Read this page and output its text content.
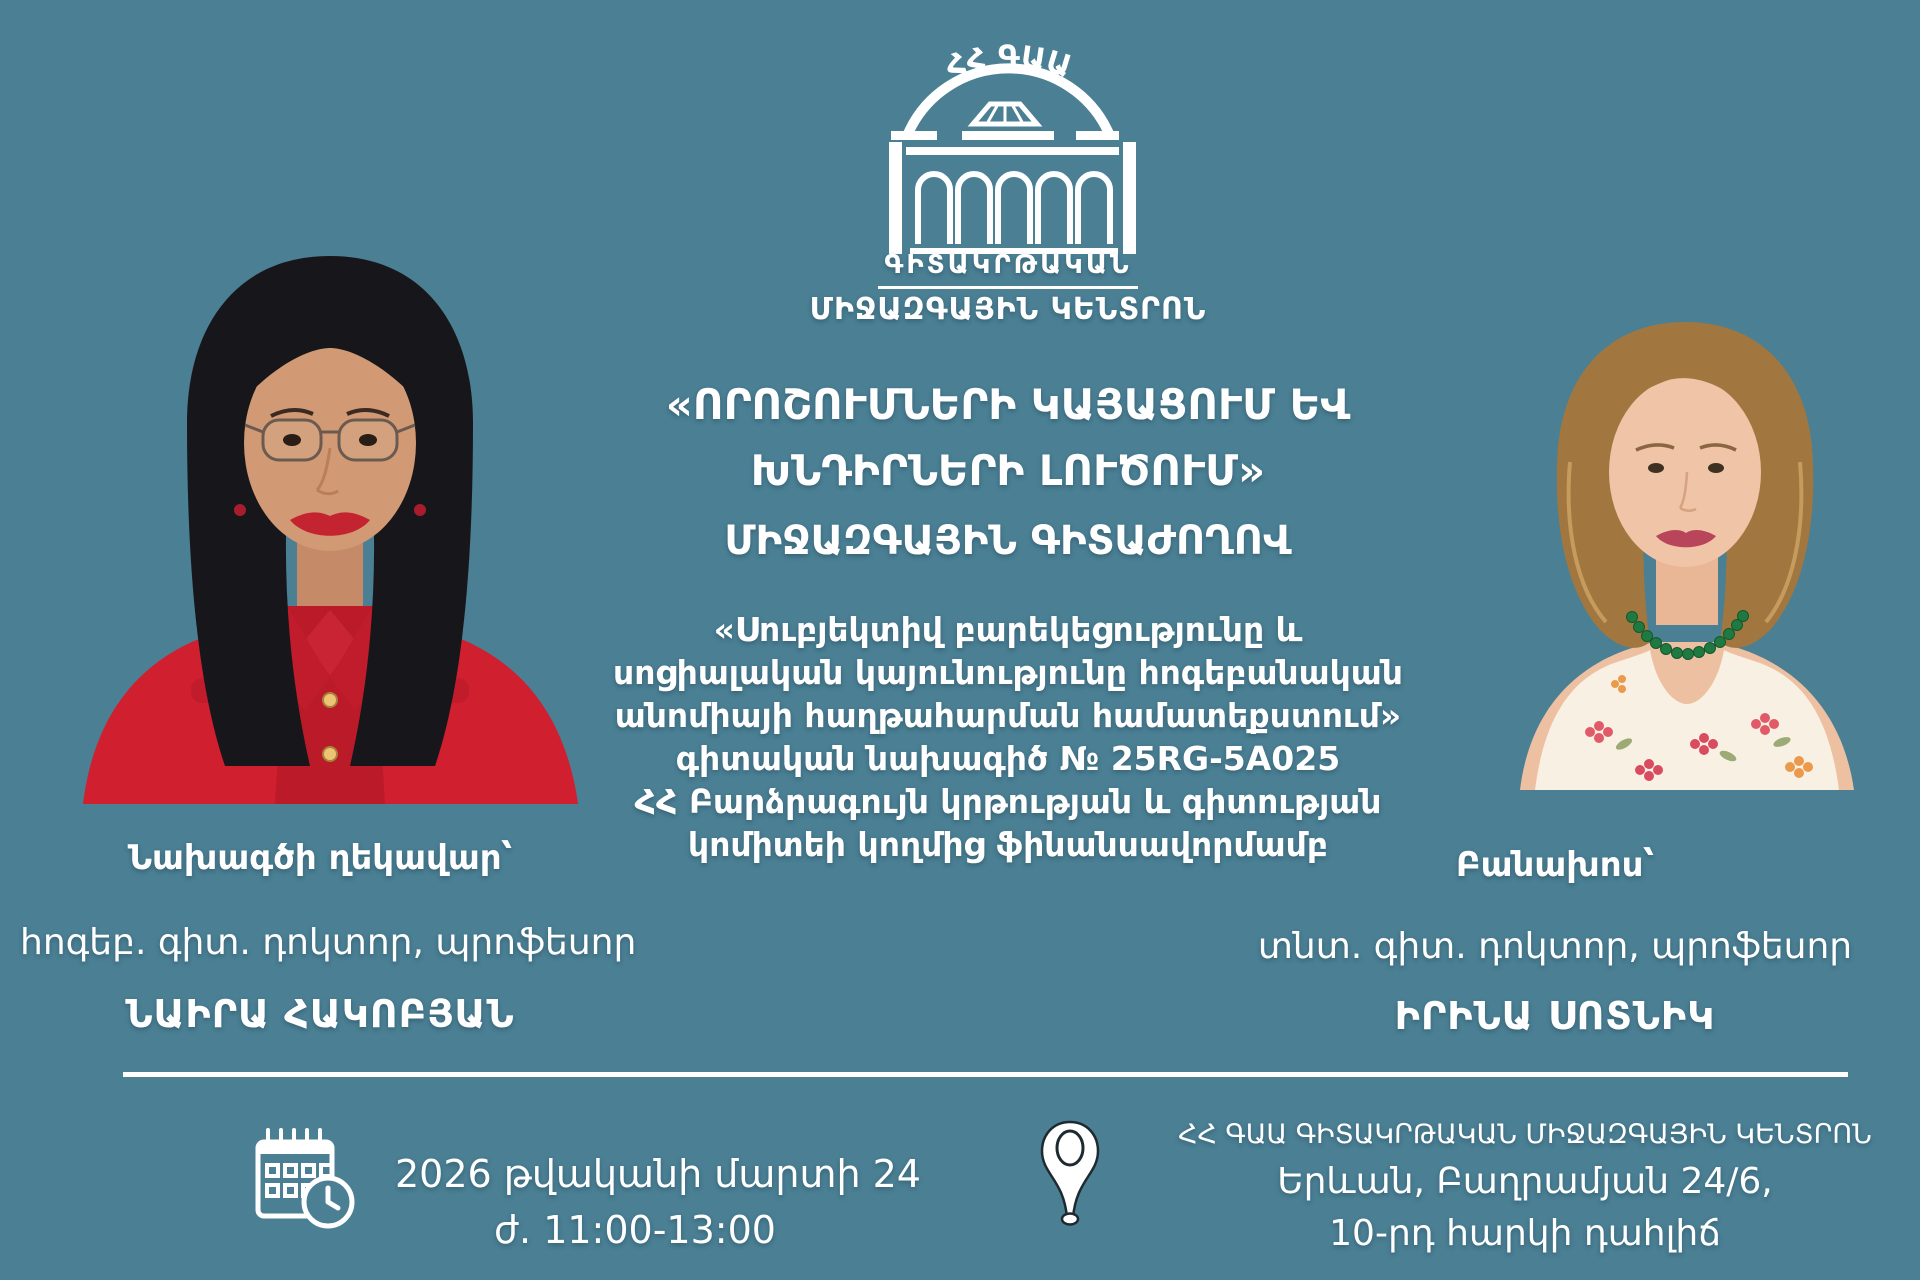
ՀՀ ԳԱԱ
ԳԻՏԱԿՐԹԱԿԱՆ
ՄԻՋԱԶԳԱՅԻՆ ԿԵՆՏՐՈՆ
«ՈՐՈՇՈՒՄՆԵՐԻ ԿԱՅԱՑՈՒՄ ԵՎ
ԽՆԴԻՐՆԵՐԻ ԼՈՒԾՈՒՄ»
ՄԻՋԱԶԳԱՅԻՆ ԳԻՏԱԺՈՂՈՎ
«Սուբյեկտիվ բարեկեցությունը և
սոցիալական կայունությունը հոգեբանական
անոմիայի հաղթահարման համատեքստում»
գիտական նախագիծ № 25RG-5A025
ՀՀ Բարձրագույն կրթության և գիտության
կոմիտեի կողմից ֆինանսավորմամբ
Նախագծի ղեկավար՝
հոգեբ. գիտ. դոկտոր, պրոֆեսոր
ՆԱԻՐԱ ՀԱԿՈԲՅԱՆ
Բանախոս՝
տնտ. գիտ. դոկտոր, պրոֆեսոր
ԻՐԻՆԱ ՍՈՏՆԻԿ
2026 թվականի մարտի 24
ժ. 11:00-13:00
ՀՀ ԳԱԱ ԳԻՏԱԿՐԹԱԿԱՆ ՄԻՋԱԶԳԱՅԻՆ ԿԵՆՏՐՈՆ
Երևան, Բաղրամյան 24/6,
10-րդ հարկի դահլիճ
